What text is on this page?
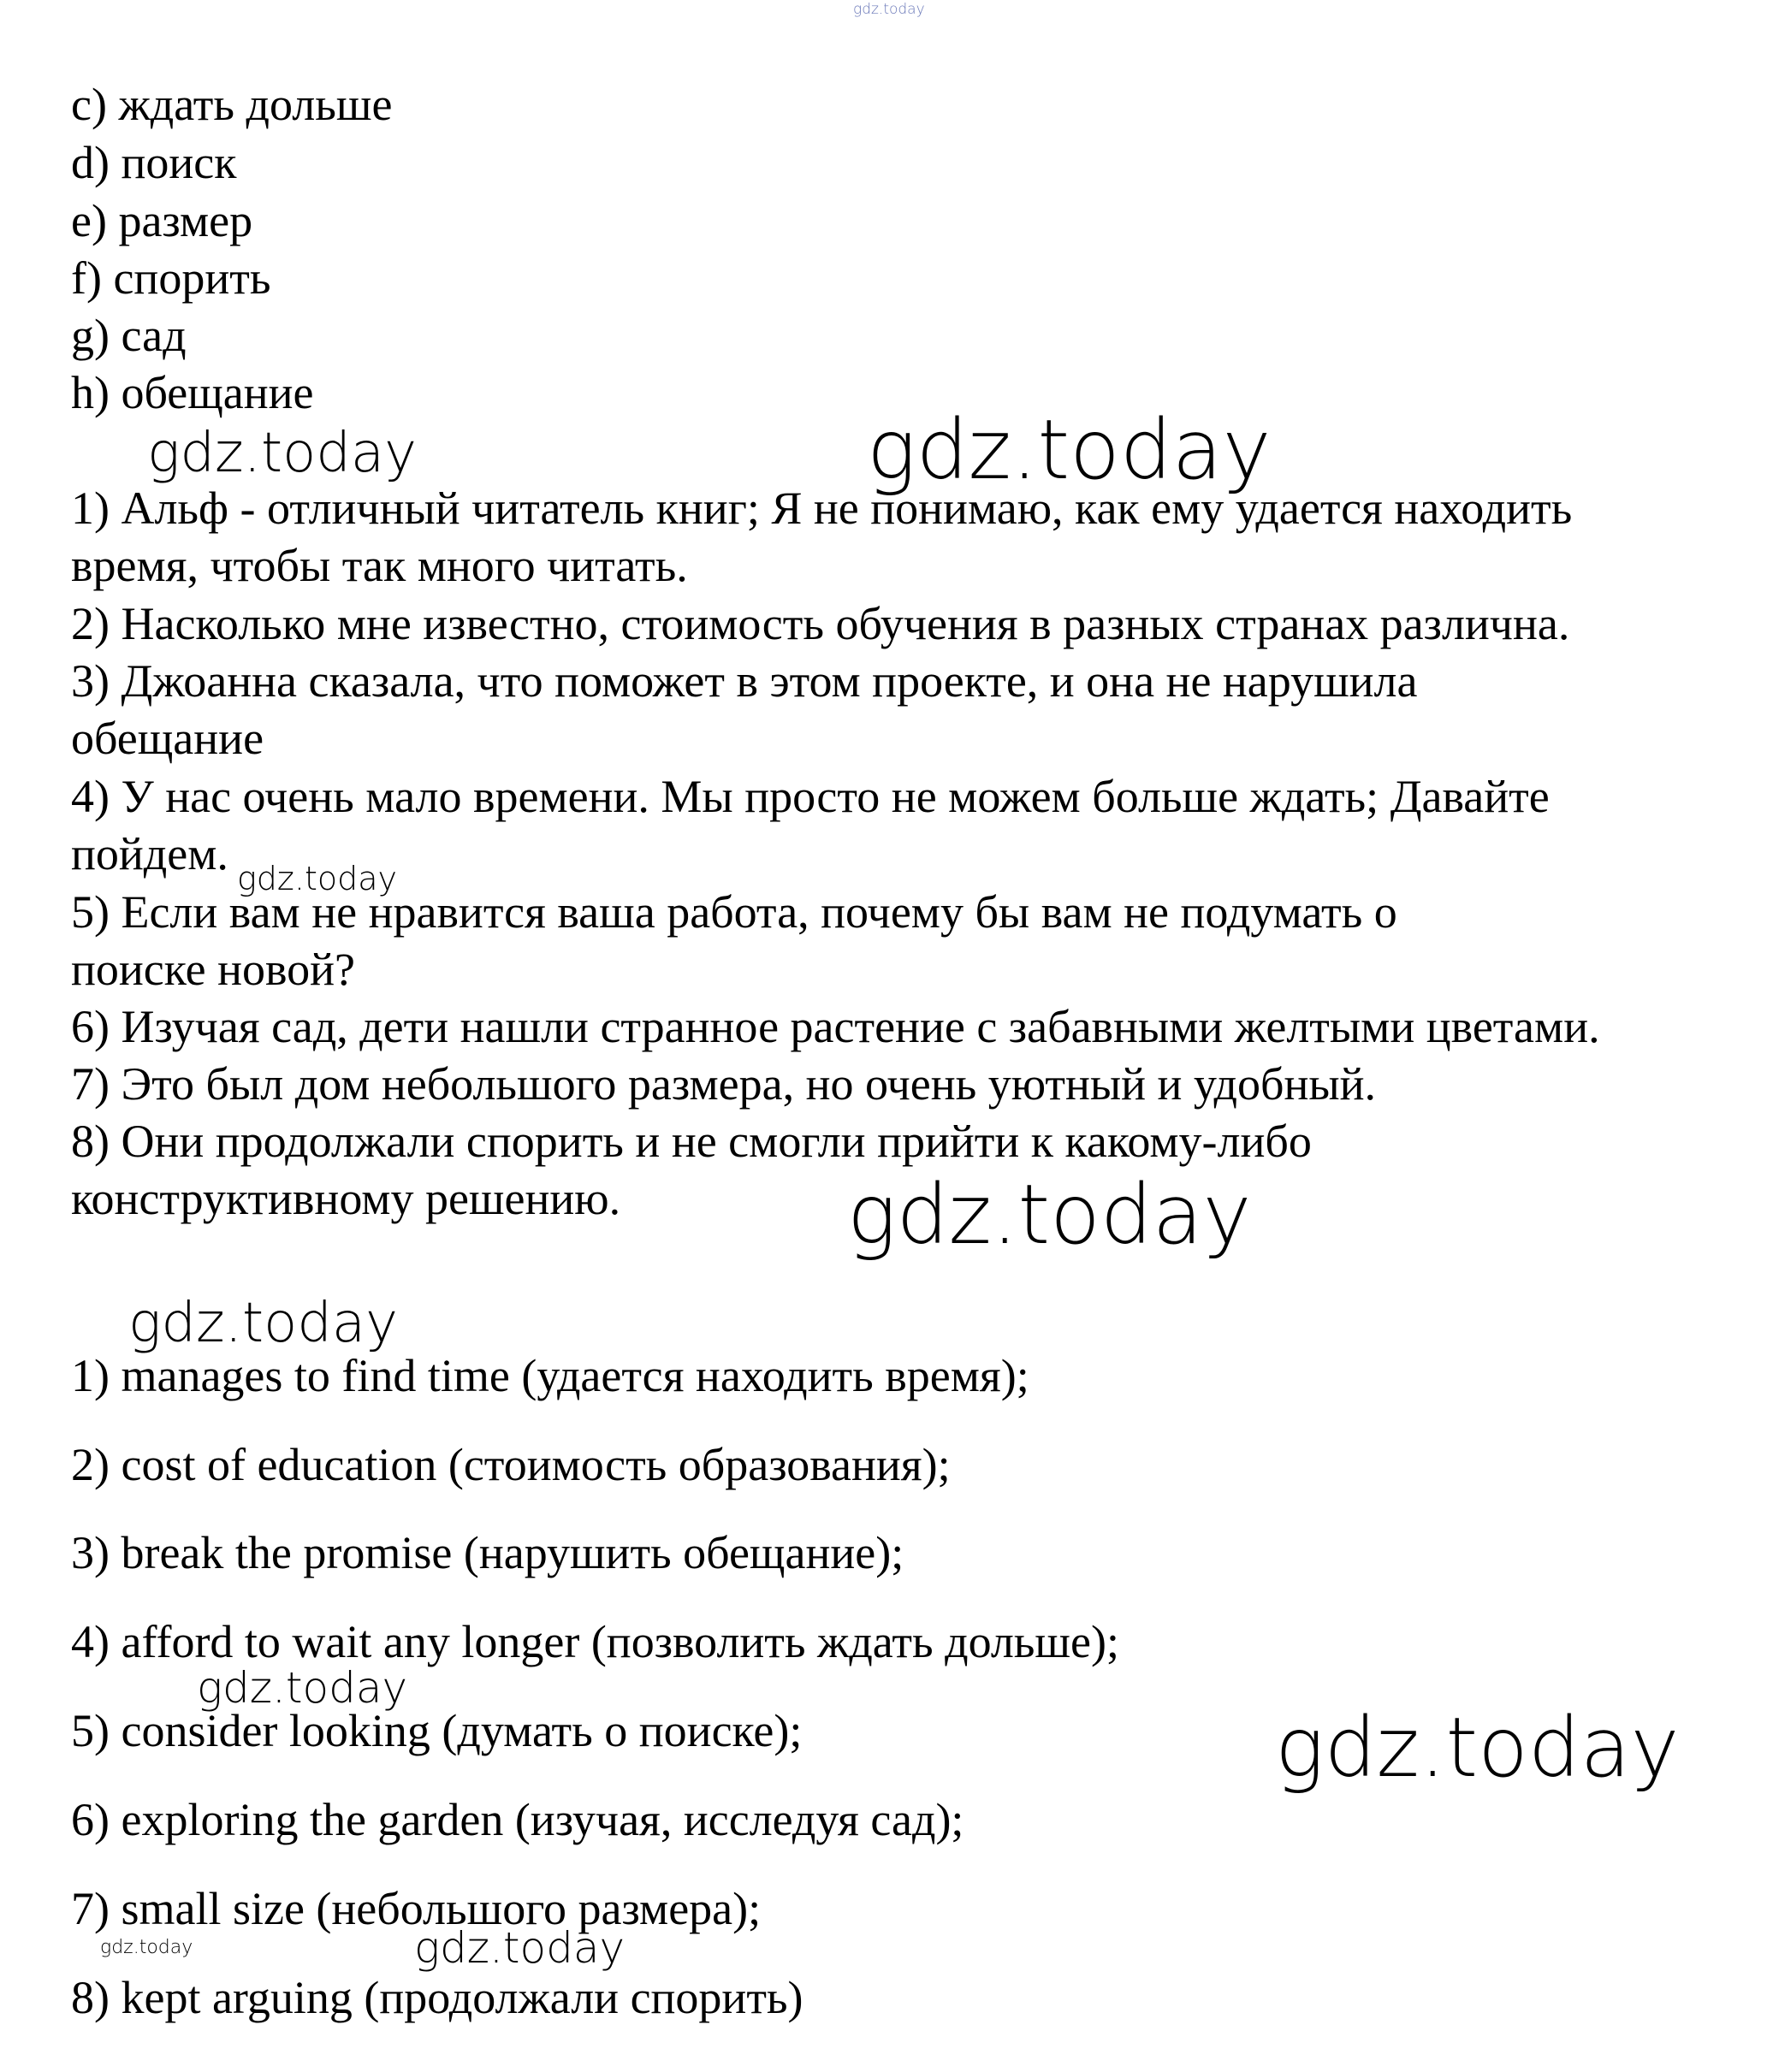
gdz.today
c) ждать дольше
d) поиск
e) размер
f) спорить
g) сад
h) обещание
gdz.today	gdz.today
1) Альф - отличный читатель книг; Я не понимаю, как ему удается находить
время, чтобы так много читать.
2) Насколько мне известно, стоимость обучения в разных странах различна.
3) Джоанна сказала, что поможет в этом проекте, и она не нарушила
обещание
4) У нас очень мало времени. Мы просто не можем больше ждать; Давайте
пойдем.
5) Если вам не нравится ваша работа, почему бы вам не подумать о
поиске новой?
6) Изучая сад, дети нашли странное растение с забавными желтыми цветами.
7) Это был дом небольшого размера, но очень уютный и удобный.
8) Они продолжали спорить и не смогли прийти к какому-либо
конструктивному решению.
gdz.today
gdz.today
gdz.today
1) manages to find time (удается находить время);
2) cost of education (стоимость образования);
3) break the promise (нарушить обещание);
4) afford to wait any longer (позволить ждать дольше);
5) consider looking (думать о поиске);
6) exploring the garden (изучая, исследуя сад);
7) small size (небольшого размера);
8) kept arguing (продолжали спорить)
gdz.today
gdz.today
gdz.today	gdz.today
